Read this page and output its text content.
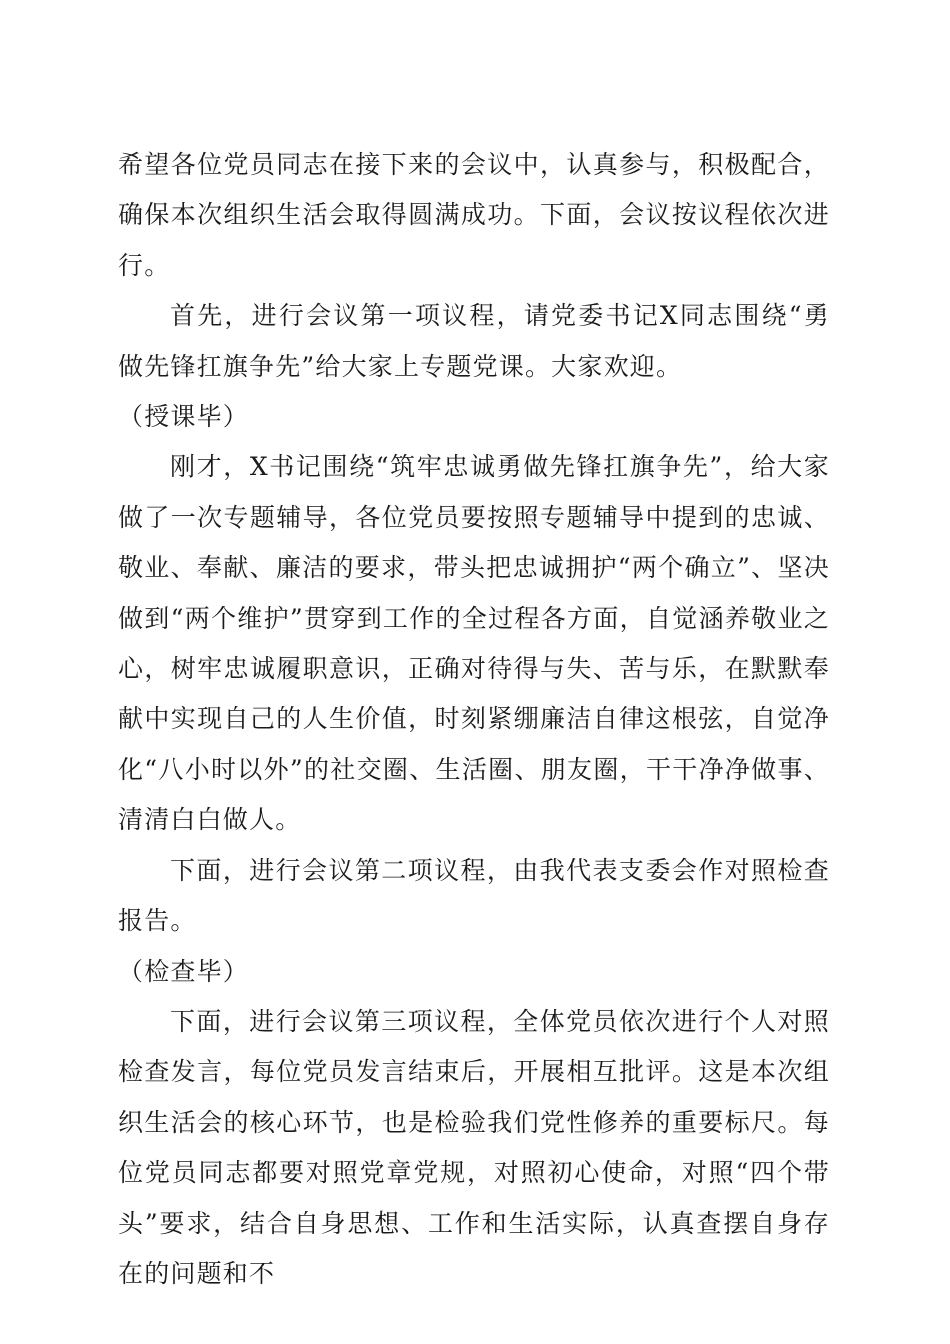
希望各位党员同志在接下来的会议中，认真参与，积极配合，确保本次组织生活会取得圆满成功。下面，会议按议程依次进行。

首先，进行会议第一项议程，请党委书记X同志围绕“勇做先锋扛旗争先”给大家上专题党课。大家欢迎。

（授课毕）

刚才，X书记围绕“筑牢忠诚勇做先锋扛旗争先”，给大家做了一次专题辅导，各位党员要按照专题辅导中提到的忠诚、敬业、奉献、廉洁的要求，带头把忠诚拥护“两个确立”、坚决做到“两个维护”贯穿到工作的全过程各方面，自觉涵养敬业之心，树牢忠诚履职意识，正确对待得与失、苦与乐，在默默奉献中实现自己的人生价值，时刻紧绷廉洁自律这根弦，自觉净化“八小时以外”的社交圈、生活圈、朋友圈，干干净净做事、清清白白做人。

下面，进行会议第二项议程，由我代表支委会作对照检查报告。

（检查毕）

下面，进行会议第三项议程，全体党员依次进行个人对照检查发言，每位党员发言结束后，开展相互批评。这是本次组织生活会的核心环节，也是检验我们党性修养的重要标尺。每位党员同志都要对照党章党规，对照初心使命，对照“四个带头”要求，结合自身思想、工作和生活实际，认真查摆自身存在的问题和不
